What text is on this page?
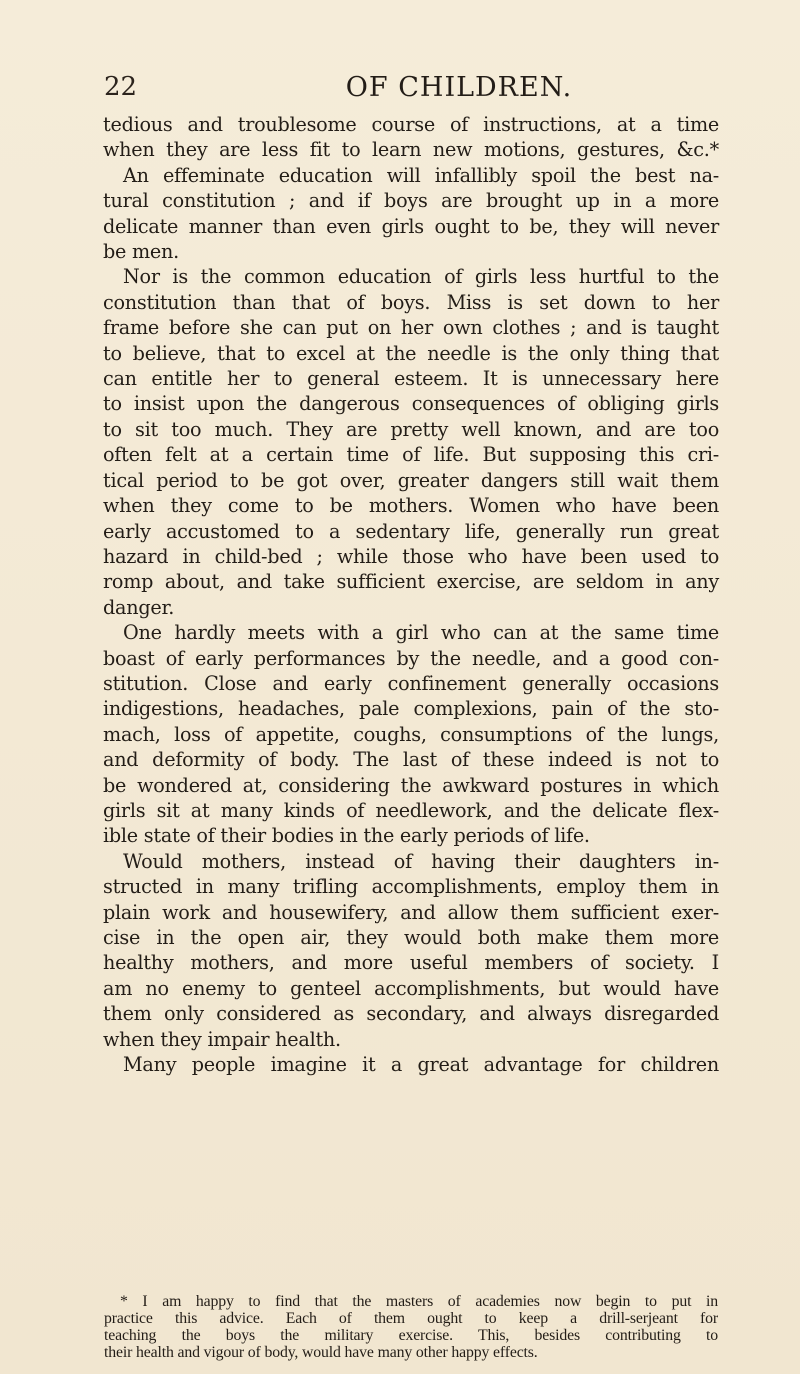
22	OF CHILDREN.
tedious and troublesome course of instructions, at a time
when they are less fit to learn new motions, gestures, &c.*
An effeminate education will infallibly spoil the best na-
tural constitution ; and if boys are brought up in a more
delicate manner than even girls ought to be, they will never
be men.
Nor is the common education of girls less hurtful to the
constitution than that of boys. Miss is set down to her
frame before she can put on her own clothes ; and is taught
to believe, that to excel at the needle is the only thing that
can entitle her to general esteem. It is unnecessary here
to insist upon the dangerous consequences of obliging girls
to sit too much. They are pretty well known, and are too
often felt at a certain time of life. But supposing this cri-
tical period to be got over, greater dangers still wait them
when they come to be mothers. Women who have been
early accustomed to a sedentary life, generally run great
hazard in child-bed ; while those who have been used to
romp about, and take sufficient exercise, are seldom in any
danger.
One hardly meets with a girl who can at the same time
boast of early performances by the needle, and a good con-
stitution. Close and early confinement generally occasions
indigestions, headaches, pale complexions, pain of the sto-
mach, loss of appetite, coughs, consumptions of the lungs,
and deformity of body. The last of these indeed is not to
be wondered at, considering the awkward postures in which
girls sit at many kinds of needlework, and the delicate flex-
ible state of their bodies in the early periods of life.
Would mothers, instead of having their daughters in-
structed in many trifling accomplishments, employ them in
plain work and housewifery, and allow them sufficient exer-
cise in the open air, they would both make them more
healthy mothers, and more useful members of society. I
am no enemy to genteel accomplishments, but would have
them only considered as secondary, and always disregarded
when they impair health.
Many people imagine it a great advantage for children
* I am happy to find that the masters of academies now begin to put in
practice this advice. Each of them ought to keep a drill-serjeant for
teaching the boys the military exercise. This, besides contributing to
their health and vigour of body, would have many other happy effects.
